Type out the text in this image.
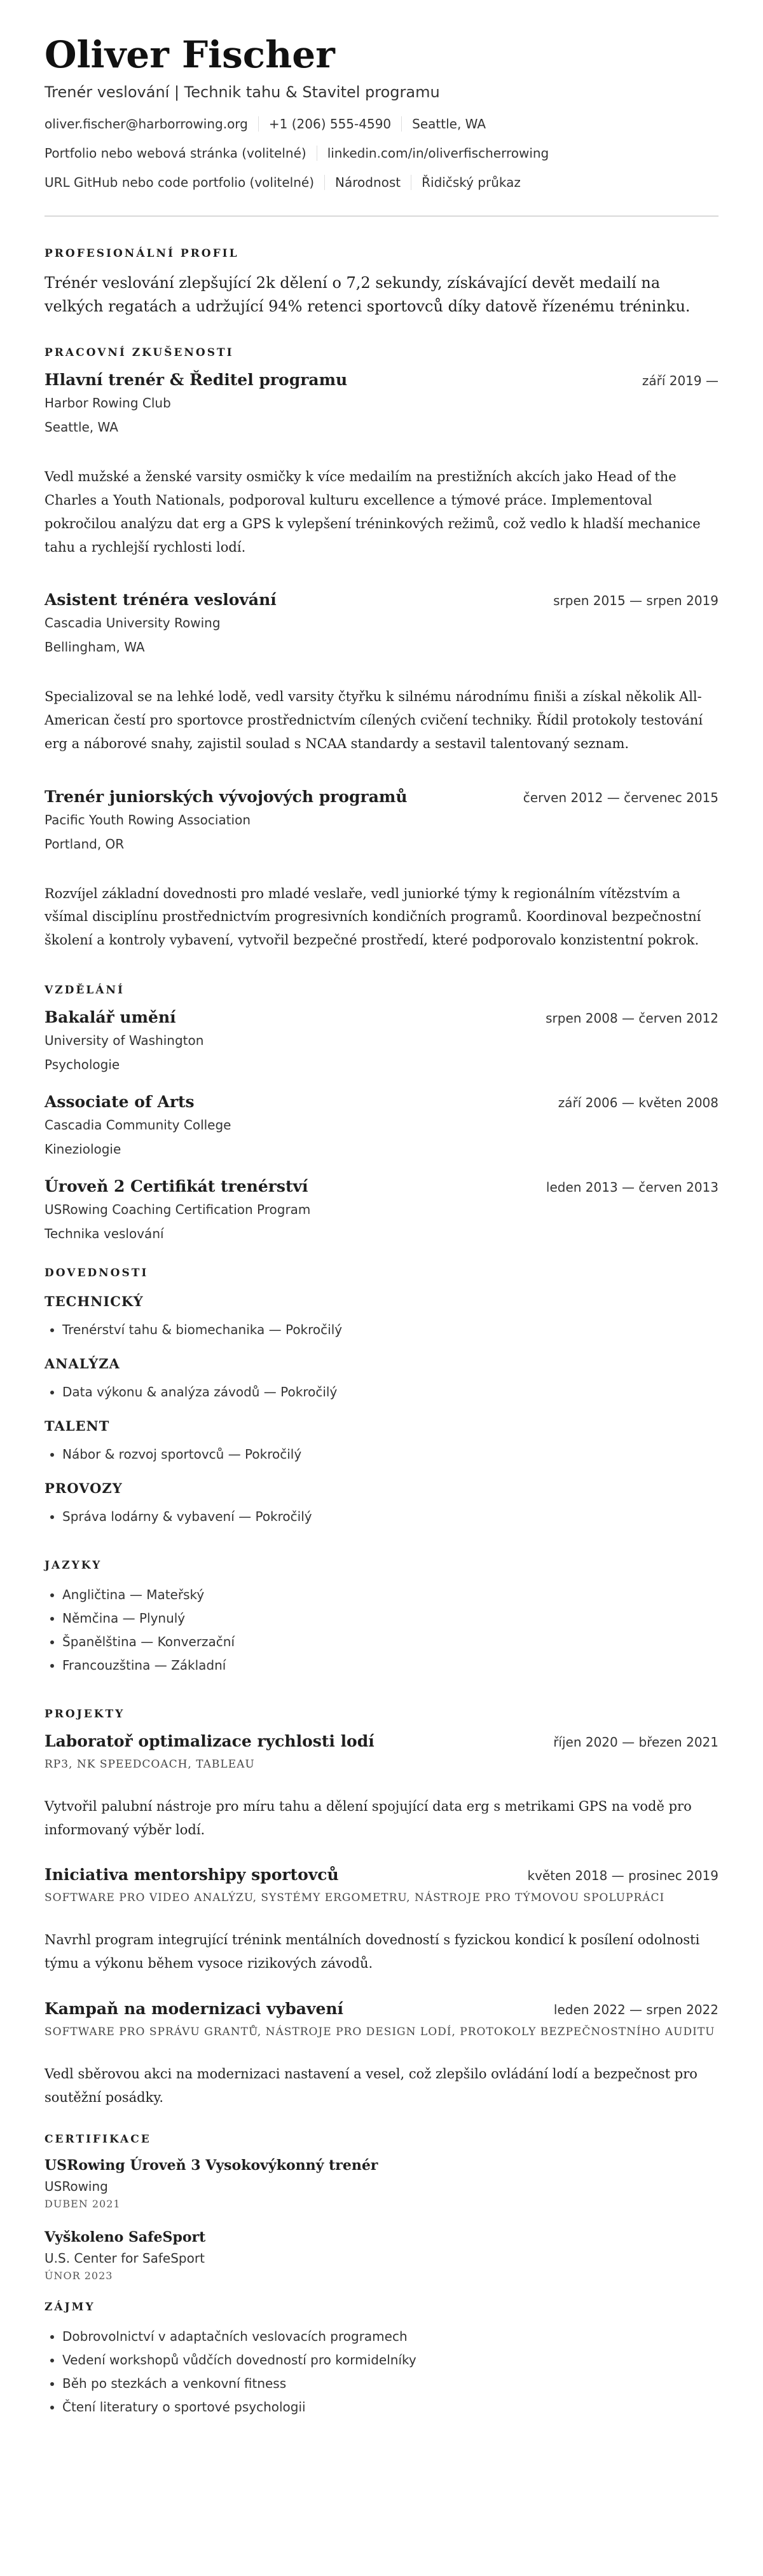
Oliver Fischer
Trenér veslování | Technik tahu & Stavitel programu
oliver.fischer@harborrowing.org	+1 (206) 555-4590	Seattle, WA
Portfolio nebo webová stránka (volitelné)	linkedin.com/in/oliverfischerrowing
URL GitHub nebo code portfolio (volitelné)	Národnost	Řidičský průkaz
PROFESIONÁLNÍ PROFIL
Trénér veslování zlepšující 2k dělení o 7,2 sekundy, získávající devět medailí na velkých regatách a udržující 94% retenci sportovců díky datově řízenému tréninku.
PRACOVNÍ ZKUŠENOSTI
Hlavní trenér & Ředitel programu	září 2019 —
Harbor Rowing Club
Seattle, WA
Vedl mužské a ženské varsity osmičky k více medailím na prestižních akcích jako Head of the Charles a Youth Nationals, podporoval kulturu excellence a týmové práce. Implementoval pokročilou analýzu dat erg a GPS k vylepšení tréninkových režimů, což vedlo k hladší mechanice tahu a rychlejší rychlosti lodí.
Asistent trénéra veslování	srpen 2015 — srpen 2019
Cascadia University Rowing
Bellingham, WA
Specializoval se na lehké lodě, vedl varsity čtyřku k silnému národnímu finiši a získal několik All-American čestí pro sportovce prostřednictvím cílených cvičení techniky. Řídil protokoly testování erg a náborové snahy, zajistil soulad s NCAA standardy a sestavil talentovaný seznam.
Trenér juniorských vývojových programů	červen 2012 — červenec 2015
Pacific Youth Rowing Association
Portland, OR
Rozvíjel základní dovednosti pro mladé veslaře, vedl juniorké týmy k regionálním vítězstvím a všímal disciplínu prostřednictvím progresivních kondičních programů. Koordinoval bezpečnostní školení a kontroly vybavení, vytvořil bezpečné prostředí, které podporovalo konzistentní pokrok.
VZDĚLÁNÍ
Bakalář umění	srpen 2008 — červen 2012
University of Washington
Psychologie
Associate of Arts	září 2006 — květen 2008
Cascadia Community College
Kineziologie
Úroveň 2 Certifikát trenérství	leden 2013 — červen 2013
USRowing Coaching Certification Program
Technika veslování
DOVEDNOSTI
TECHNICKÝ
• Trenérství tahu & biomechanika — Pokročilý
ANALÝZA
• Data výkonu & analýza závodů — Pokročilý
TALENT
• Nábor & rozvoj sportovců — Pokročilý
PROVOZY
• Správa lodárny & vybavení — Pokročilý
JAZYKY
• Angličtina — Mateřský
• Němčina — Plynulý
• Španělština — Konverzační
• Francouzština — Základní
PROJEKTY
Laboratoř optimalizace rychlosti lodí	říjen 2020 — březen 2021
RP3, NK SPEEDCOACH, TABLEAU
Vytvořil palubní nástroje pro míru tahu a dělení spojující data erg s metrikami GPS na vodě pro informovaný výběr lodí.
Iniciativa mentorshipy sportovců	květen 2018 — prosinec 2019
SOFTWARE PRO VIDEO ANALÝZU, SYSTÉMY ERGOMETRU, NÁSTROJE PRO TÝMOVOU SPOLUPRÁCI
Navrhl program integrující trénink mentálních dovedností s fyzickou kondicí k posílení odolnosti týmu a výkonu během vysoce rizikových závodů.
Kampaň na modernizaci vybavení	leden 2022 — srpen 2022
SOFTWARE PRO SPRÁVU GRANTŮ, NÁSTROJE PRO DESIGN LODÍ, PROTOKOLY BEZPEČNOSTNÍHO AUDITU
Vedl sběrovou akci na modernizaci nastavení a vesel, což zlepšilo ovládání lodí a bezpečnost pro soutěžní posádky.
CERTIFIKACE
USRowing Úroveň 3 Vysokovýkonný trenér
USRowing
DUBEN 2021
Vyškoleno SafeSport
U.S. Center for SafeSport
ÚNOR 2023
ZÁJMY
• Dobrovolnictví v adaptačních veslovacích programech
• Vedení workshopů vůdčích dovedností pro kormidelníky
• Běh po stezkách a venkovní fitness
• Čtení literatury o sportové psychologii
